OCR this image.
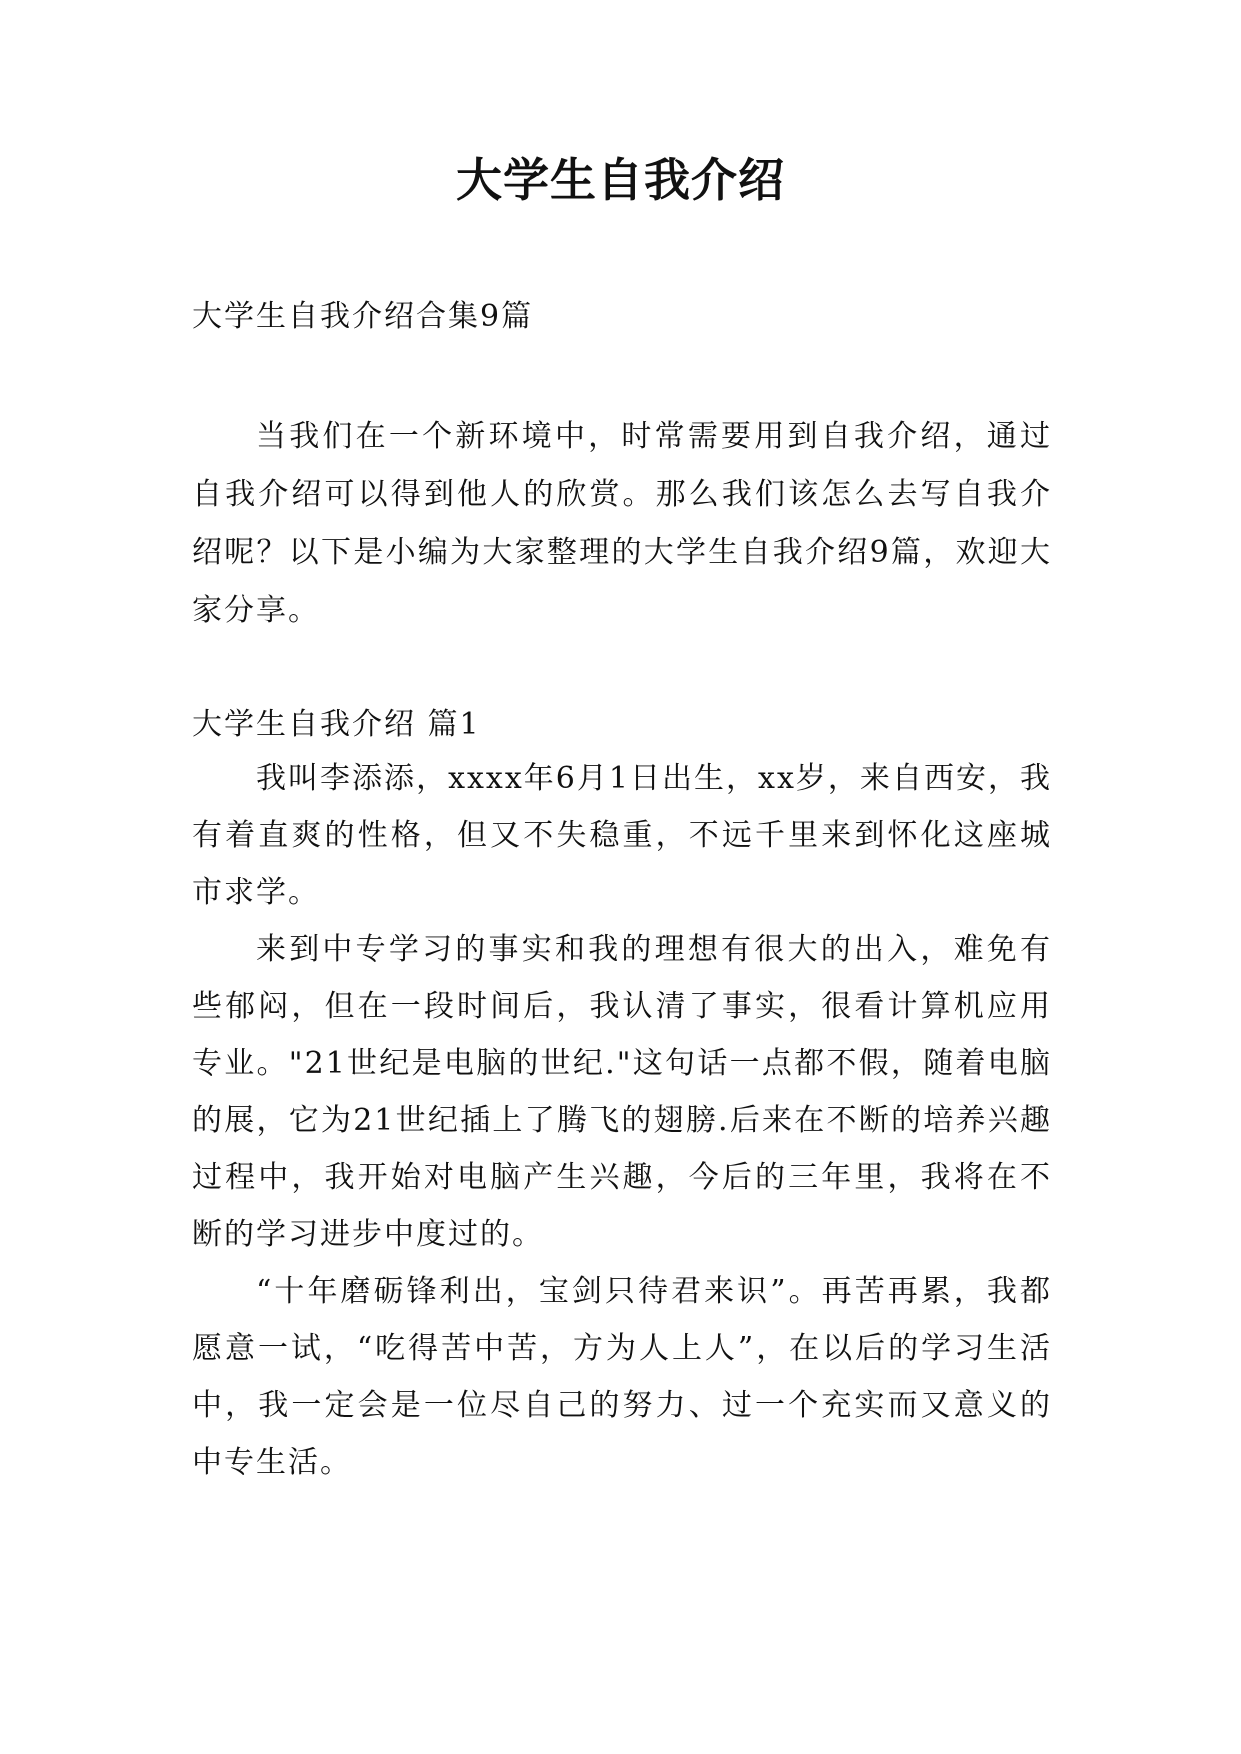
大学生自我介绍
大学生自我介绍合集9篇
当我们在一个新环境中，时常需要用到自我介绍，通过自我介绍可以得到他人的欣赏。那么我们该怎么去写自我介绍呢？以下是小编为大家整理的大学生自我介绍9篇，欢迎大家分享。
大学生自我介绍 篇1

我叫李添添，xxxx年6月1日出生，xx岁，来自西安，我有着直爽的性格，但又不失稳重，不远千里来到怀化这座城市求学。

来到中专学习的事实和我的理想有很大的出入，难免有些郁闷，但在一段时间后，我认清了事实，很看计算机应用专业。"21世纪是电脑的世纪."这句话一点都不假，随着电脑的展，它为21世纪插上了腾飞的翅膀.后来在不断的培养兴趣过程中，我开始对电脑产生兴趣，今后的三年里，我将在不断的学习进步中度过的。

“十年磨砺锋利出，宝剑只待君来识”。再苦再累，我都愿意一试，“吃得苦中苦，方为人上人”，在以后的学习生活中，我一定会是一位尽自己的努力、过一个充实而又意义的中专生活。
